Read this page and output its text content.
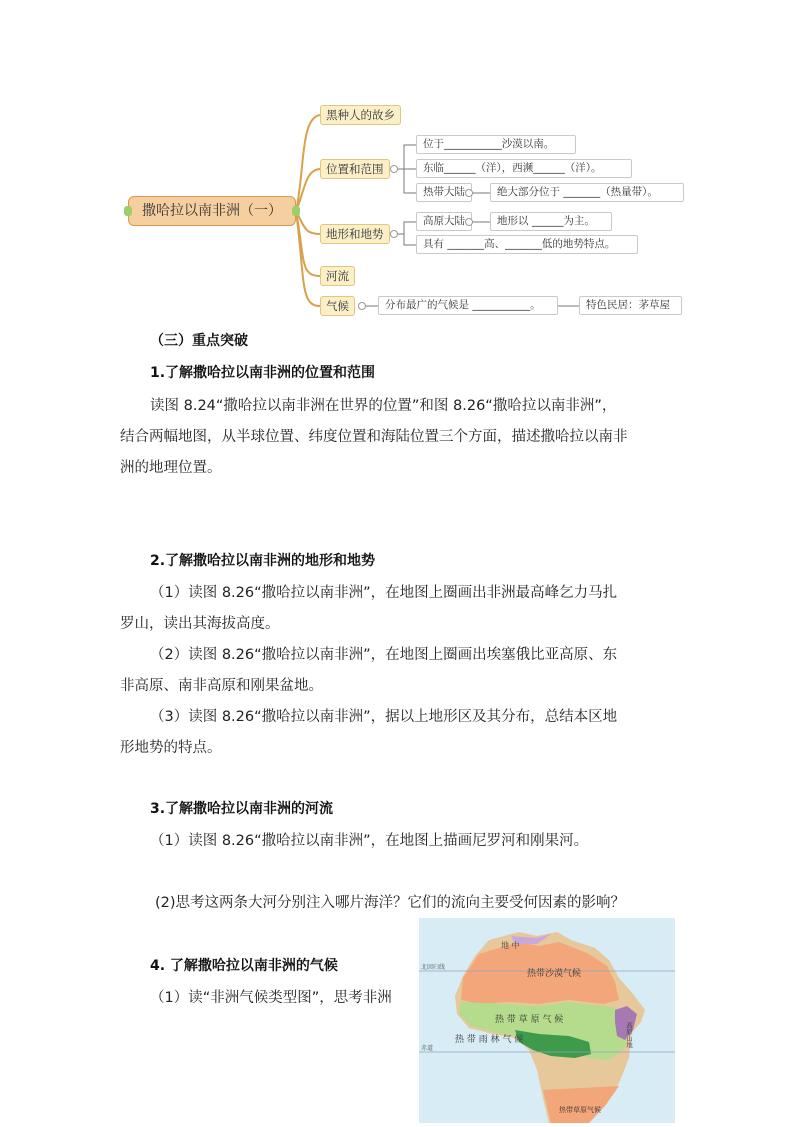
撒哈拉以南非洲（一）
黑种人的故乡
位置和范围
地形和地势
河流
气候
位于___________沙漠以南。
东临______（洋），西濒______（洋）。
热带大陆	绝大部分位于 _______（热量带）。
高原大陆	地形以 ______为主。
具有 _______高、_______低的地势特点。
分布最广的气候是 ___________。	特色民居：茅草屋
（三）重点突破
1.了解撒哈拉以南非洲的位置和范围
读图 8.24“撒哈拉以南非洲在世界的位置”和图 8.26“撒哈拉以南非洲”，
结合两幅地图，从半球位置、纬度位置和海陆位置三个方面，描述撒哈拉以南非
洲的地理位置。
2.了解撒哈拉以南非洲的地形和地势
（1）读图 8.26“撒哈拉以南非洲”，在地图上圈画出非洲最高峰乞力马扎
罗山，读出其海拔高度。
（2）读图 8.26“撒哈拉以南非洲”，在地图上圈画出埃塞俄比亚高原、东
非高原、南非高原和刚果盆地。
（3）读图 8.26“撒哈拉以南非洲”，据以上地形区及其分布，总结本区地
形地势的特点。
3.了解撒哈拉以南非洲的河流
（1）读图 8.26“撒哈拉以南非洲”，在地图上描画尼罗河和刚果河。
(2)思考这两条大河分别注入哪片海洋？它们的流向主要受何因素的影响？
4. 了解撒哈拉以南非洲的气候
（1）读“非洲气候类型图”，思考非洲
地 中
热带沙漠气候
热 带 草 原 气 候
热 带 雨 林 气 候	高原山地
热带草原气候
北回归线
赤道
